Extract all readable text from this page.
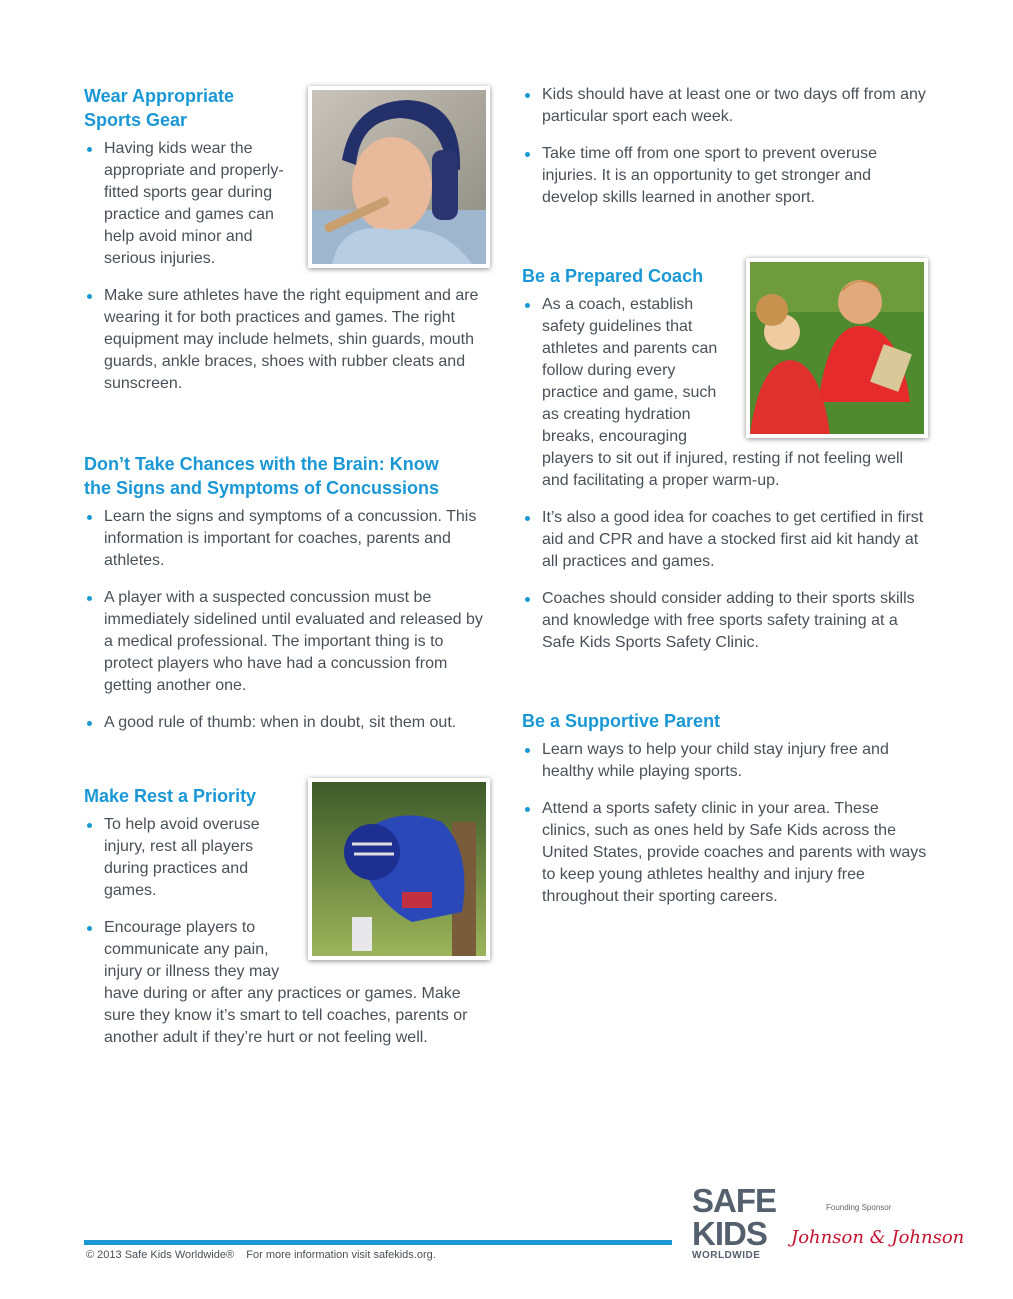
Wear Appropriate Sports Gear
Having kids wear the appropriate and properly-fitted sports gear during practice and games can help avoid minor and serious injuries.
Make sure athletes have the right equipment and are wearing it for both practices and games. The right equipment may include helmets, shin guards, mouth guards, ankle braces, shoes with rubber cleats and sunscreen.
Don’t Take Chances with the Brain: Know the Signs and Symptoms of Concussions
Learn the signs and symptoms of a concussion. This information is important for coaches, parents and athletes.
A player with a suspected concussion must be immediately sidelined until evaluated and released by a medical professional. The important thing is to protect players who have had a concussion from getting another one.
A good rule of thumb: when in doubt, sit them out.
Make Rest a Priority
To help avoid overuse injury, rest all players during practices and games.
Encourage players to communicate any pain, injury or illness they may have during or after any practices or games. Make sure they know it’s smart to tell coaches, parents or another adult if they’re hurt or not feeling well.
Kids should have at least one or two days off from any particular sport each week.
Take time off from one sport to prevent overuse injuries. It is an opportunity to get stronger and develop skills learned in another sport.
Be a Prepared Coach
As a coach, establish safety guidelines that athletes and parents can follow during every practice and game, such as creating hydration breaks, encouraging players to sit out if injured, resting if not feeling well and facilitating a proper warm-up.
It’s also a good idea for coaches to get certified in first aid and CPR and have a stocked first aid kit handy at all practices and games.
Coaches should consider adding to their sports skills and knowledge with free sports safety training at a Safe Kids Sports Safety Clinic.
Be a Supportive Parent
Learn ways to help your child stay injury free and healthy while playing sports.
Attend a sports safety clinic in your area. These clinics, such as ones held by Safe Kids across the United States, provide coaches and parents with ways to keep young athletes healthy and injury free throughout their sporting careers.
© 2013 Safe Kids Worldwide®    For more information visit safekids.org.
SAFE
KIDS
WORLDWIDE
Founding Sponsor
Johnson & Johnson
